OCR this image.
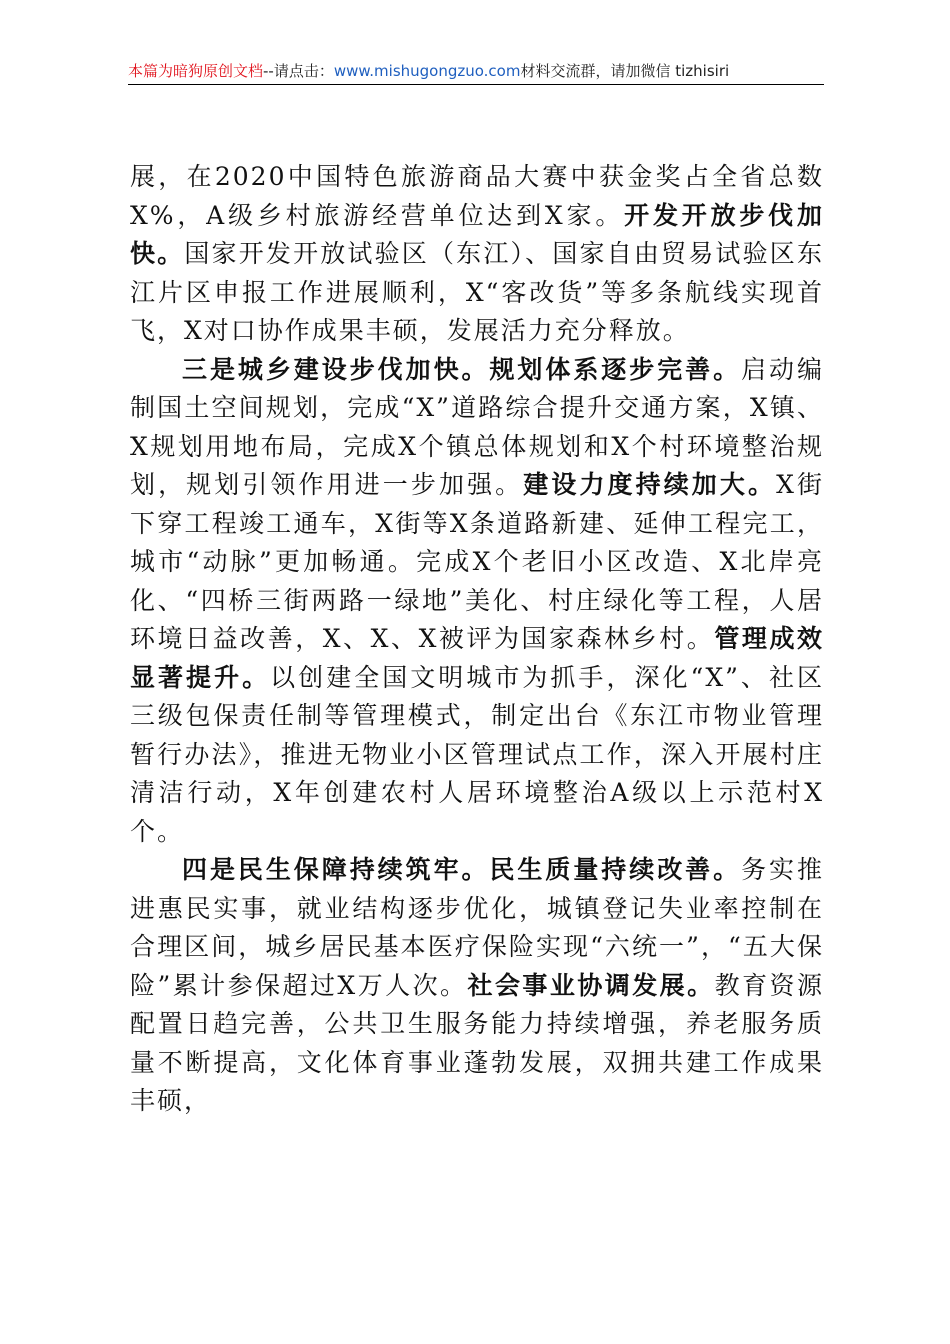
本篇为暗狗原创文档--请点击：www.mishugongzuo.com材料交流群，请加微信 tizhisiri

展，在2020中国特色旅游商品大赛中获金奖占全省总数X%，A级乡村旅游经营单位达到X家。开发开放步伐加快。国家开发开放试验区（东江）、国家自由贸易试验区东江片区申报工作进展顺利，X“客改货”等多条航线实现首飞，X对口协作成果丰硕，发展活力充分释放。

三是城乡建设步伐加快。规划体系逐步完善。启动编制国土空间规划，完成“X”道路综合提升交通方案，X镇、X规划用地布局，完成X个镇总体规划和X个村环境整治规划，规划引领作用进一步加强。建设力度持续加大。X街下穿工程竣工通车，X街等X条道路新建、延伸工程完工，城市“动脉”更加畅通。完成X个老旧小区改造、X北岸亮化、“四桥三街两路一绿地”美化、村庄绿化等工程，人居环境日益改善，X、X、X被评为国家森林乡村。管理成效显著提升。以创建全国文明城市为抓手，深化“X”、社区三级包保责任制等管理模式，制定出台《东江市物业管理暂行办法》，推进无物业小区管理试点工作，深入开展村庄清洁行动，X年创建农村人居环境整治A级以上示范村X个。

四是民生保障持续筑牢。民生质量持续改善。务实推进惠民实事，就业结构逐步优化，城镇登记失业率控制在合理区间，城乡居民基本医疗保险实现“六统一”，“五大保险”累计参保超过X万人次。社会事业协调发展。教育资源配置日趋完善，公共卫生服务能力持续增强，养老服务质量不断提高，文化体育事业蓬勃发展，双拥共建工作成果丰硕，
